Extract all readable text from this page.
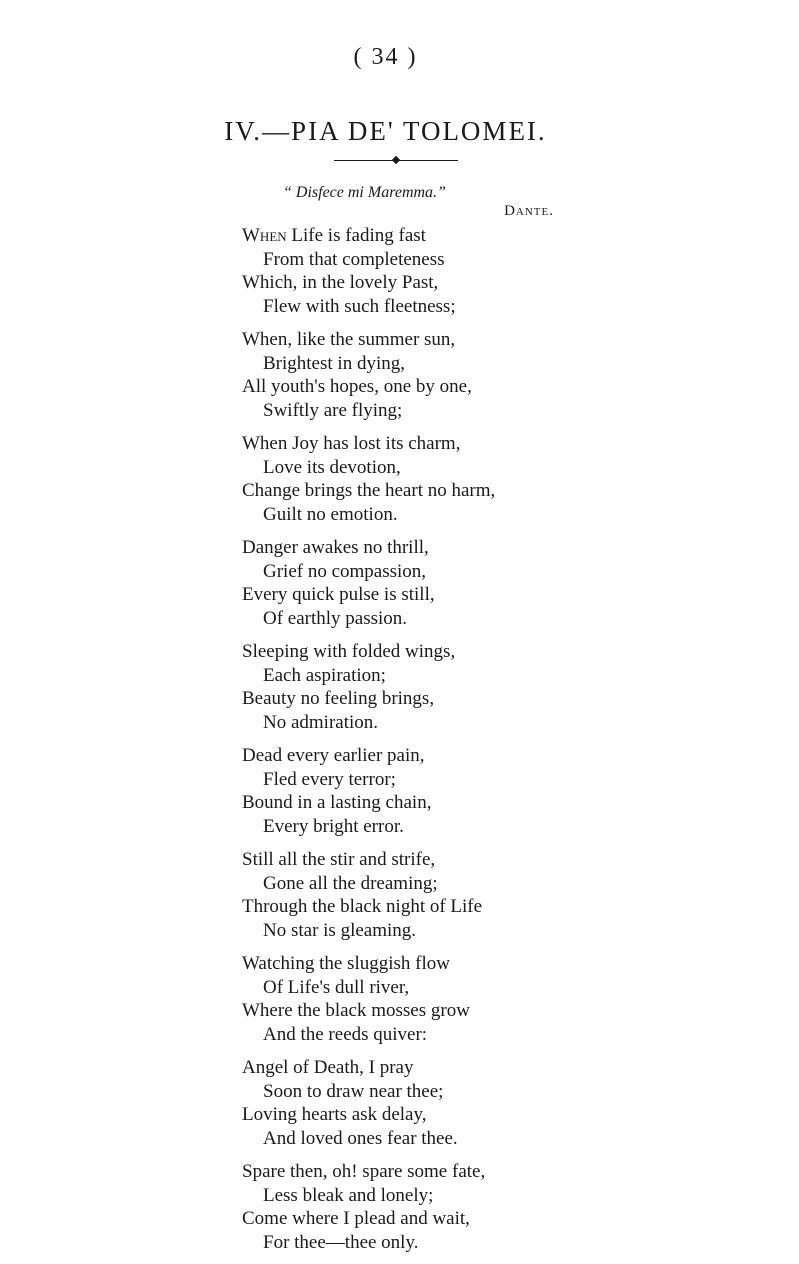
( 34 )
IV.—PIA DE' TOLOMEI.
“ Disfece mi Maremma.”
Dante.
When Life is fading fast
From that completeness
Which, in the lovely Past,
Flew with such fleetness;
When, like the summer sun,
Brightest in dying,
All youth's hopes, one by one,
Swiftly are flying;
When Joy has lost its charm,
Love its devotion,
Change brings the heart no harm,
Guilt no emotion.
Danger awakes no thrill,
Grief no compassion,
Every quick pulse is still,
Of earthly passion.
Sleeping with folded wings,
Each aspiration;
Beauty no feeling brings,
No admiration.
Dead every earlier pain,
Fled every terror;
Bound in a lasting chain,
Every bright error.
Still all the stir and strife,
Gone all the dreaming;
Through the black night of Life
No star is gleaming.
Watching the sluggish flow
Of Life's dull river,
Where the black mosses grow
And the reeds quiver:
Angel of Death, I pray
Soon to draw near thee;
Loving hearts ask delay,
And loved ones fear thee.
Spare then, oh! spare some fate,
Less bleak and lonely;
Come where I plead and wait,
For thee—thee only.
